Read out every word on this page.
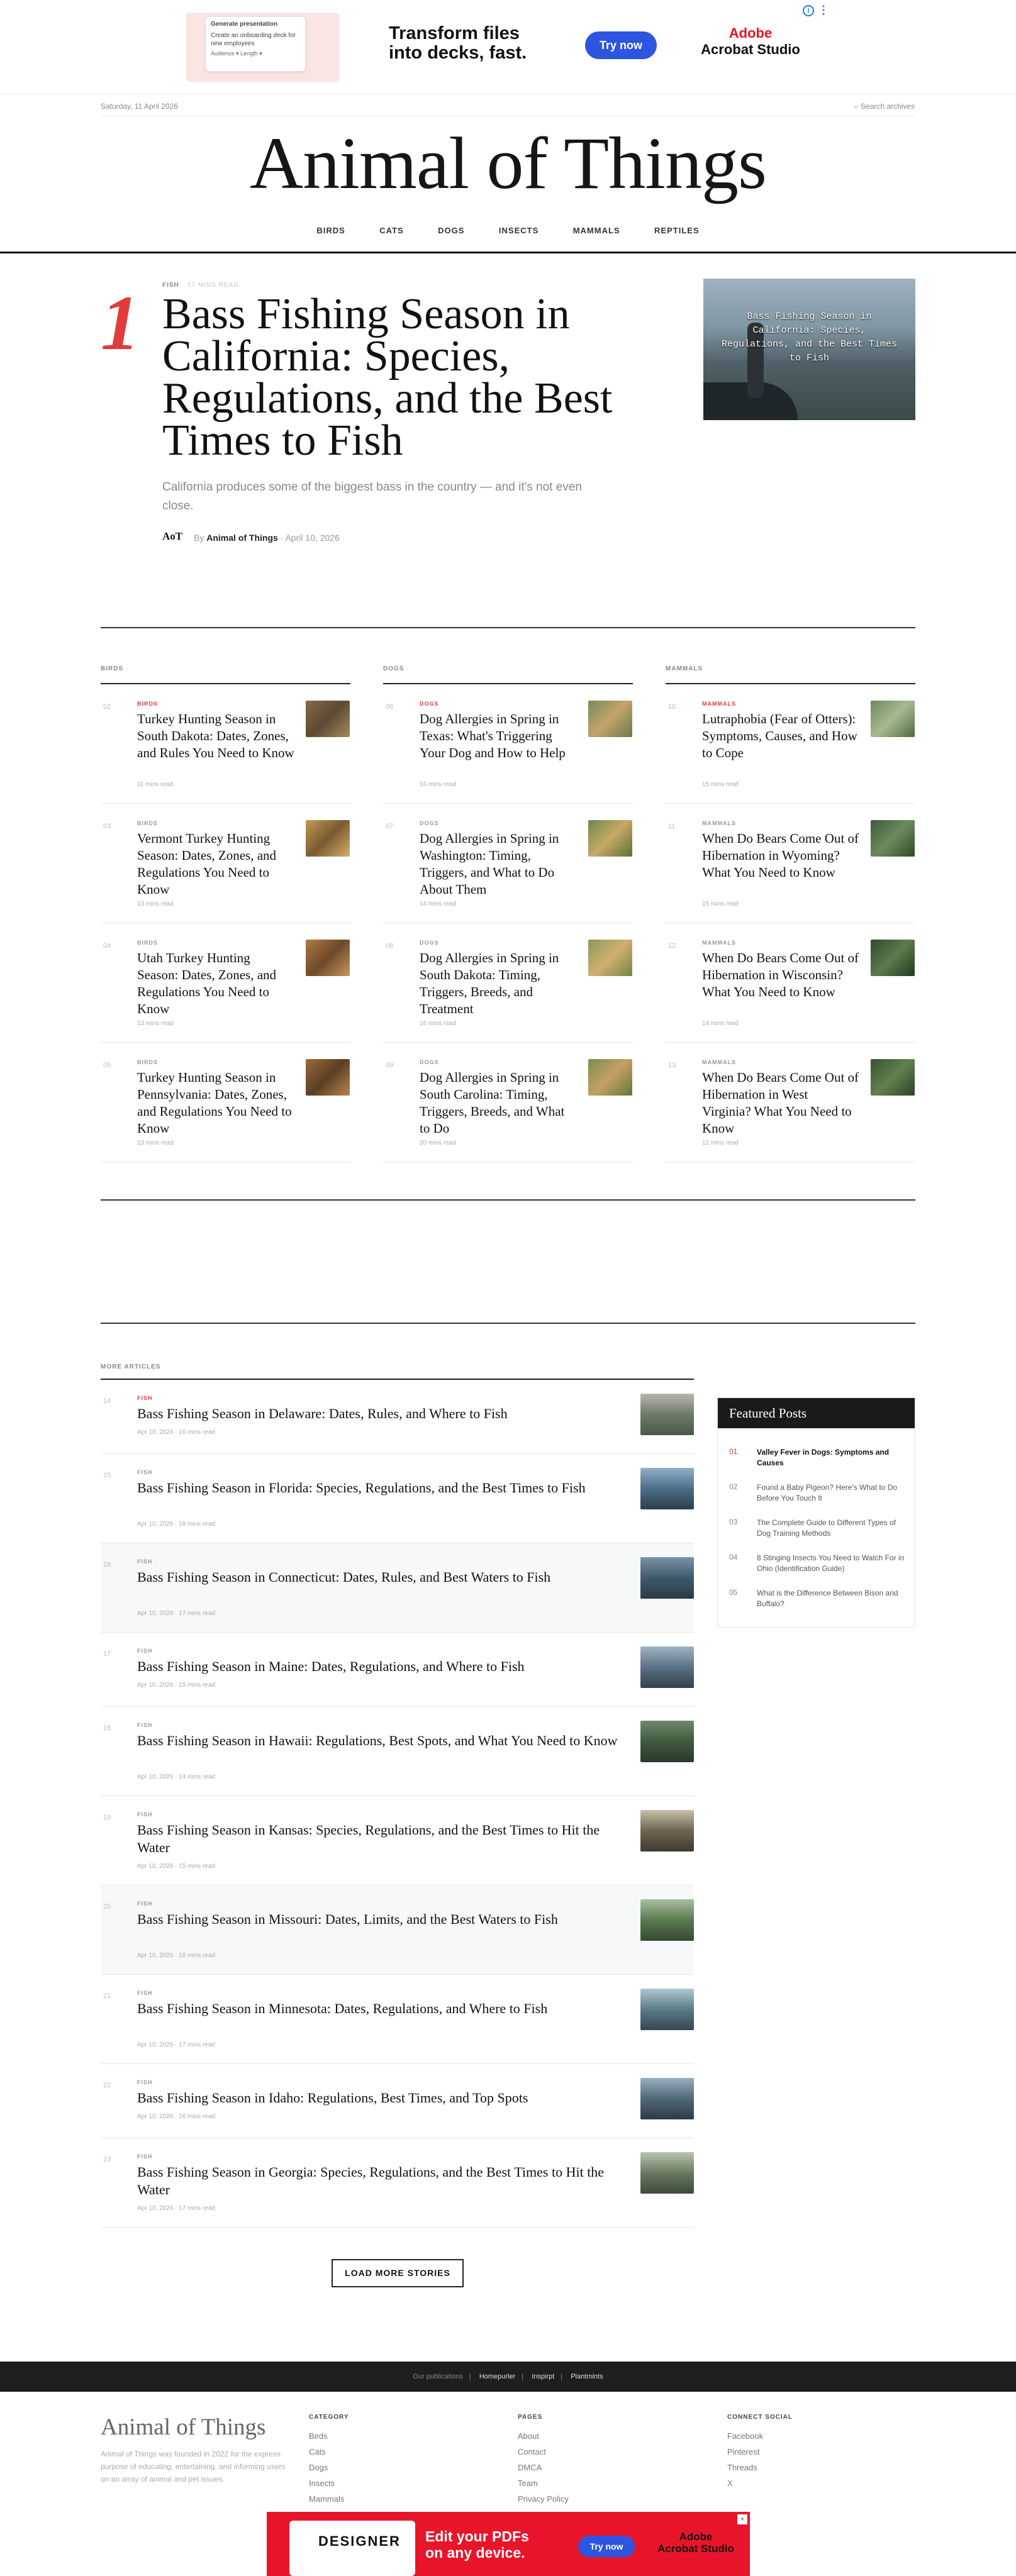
Generate presentation
Create an onboarding deck for new employees
Audience ▾ Length ▾
Transform files into decks, fast.	Try now
Adobe
Acrobat Studio
i ⋮
Saturday, 11 April 2026	⌕ Search archives
Animal of Things
BIRDS	CATS	DOGS	INSECTS	MAMMALS	REPTILES
1	FISH 17 MINS READ
Bass Fishing Season in California: Species, Regulations, and the Best Times to Fish
California produces some of the biggest bass in the country — and it's not even close.
AoT By Animal of Things · April 10, 2026
Bass Fishing Season in California: Species, Regulations, and the Best Times to Fish
BIRDS	DOGS	MAMMALS
02	BIRDS
Turkey Hunting Season in South Dakota: Dates, Zones, and Rules You Need to Know
11 mins read
03	BIRDS
Vermont Turkey Hunting Season: Dates, Zones, and Regulations You Need to Know
13 mins read
04	BIRDS
Utah Turkey Hunting Season: Dates, Zones, and Regulations You Need to Know
13 mins read
05	BIRDS
Turkey Hunting Season in Pennsylvania: Dates, Zones, and Regulations You Need to Know
13 mins read
06	DOGS
Dog Allergies in Spring in Texas: What's Triggering Your Dog and How to Help
16 mins read
07	DOGS
Dog Allergies in Spring in Washington: Timing, Triggers, and What to Do About Them
14 mins read
08	DOGS
Dog Allergies in Spring in South Dakota: Timing, Triggers, Breeds, and Treatment
16 mins read
09	DOGS
Dog Allergies in Spring in South Carolina: Timing, Triggers, Breeds, and What to Do
20 mins read
10	MAMMALS
Lutraphobia (Fear of Otters): Symptoms, Causes, and How to Cope
15 mins read
11	MAMMALS
When Do Bears Come Out of Hibernation in Wyoming? What You Need to Know
15 mins read
12	MAMMALS
When Do Bears Come Out of Hibernation in Wisconsin? What You Need to Know
14 mins read
13	MAMMALS
When Do Bears Come Out of Hibernation in West Virginia? What You Need to Know
12 mins read
MORE ARTICLES
14	FISH
Bass Fishing Season in Delaware: Dates, Rules, and Where to Fish
Apr 10, 2026 · 16 mins read
15	FISH
Bass Fishing Season in Florida: Species, Regulations, and the Best Times to Fish
Apr 10, 2026 · 18 mins read
16	FISH
Bass Fishing Season in Connecticut: Dates, Rules, and Best Waters to Fish
Apr 10, 2026 · 17 mins read
17	FISH
Bass Fishing Season in Maine: Dates, Regulations, and Where to Fish
Apr 10, 2026 · 15 mins read
18	FISH
Bass Fishing Season in Hawaii: Regulations, Best Spots, and What You Need to Know
Apr 10, 2026 · 14 mins read
19	FISH
Bass Fishing Season in Kansas: Species, Regulations, and the Best Times to Hit the Water
Apr 10, 2026 · 15 mins read
20	FISH
Bass Fishing Season in Missouri: Dates, Limits, and the Best Waters to Fish
Apr 10, 2026 · 16 mins read
21	FISH
Bass Fishing Season in Minnesota: Dates, Regulations, and Where to Fish
Apr 10, 2026 · 17 mins read
22	FISH
Bass Fishing Season in Idaho: Regulations, Best Times, and Top Spots
Apr 10, 2026 · 16 mins read
23	FISH
Bass Fishing Season in Georgia: Species, Regulations, and the Best Times to Hit the Water
Apr 10, 2026 · 17 mins read
LOAD MORE STORIES
Featured Posts
01	Valley Fever in Dogs: Symptoms and Causes
02	Found a Baby Pigeon? Here's What to Do Before You Touch It
03	The Complete Guide to Different Types of Dog Training Methods
04	8 Stinging Insects You Need to Watch For in Ohio (Identification Guide)
05	What is the Difference Between Bison and Buffalo?
Our publications | Homepurler | Inspirpt | Plantmints
Animal of Things
Animal of Things was founded in 2022 for the express purpose of educating, entertaining, and informing users on an array of animal and pet issues.
CATEGORY
Birds
Cats
Dogs
Insects
Mammals
PAGES
About
Contact
DMCA
Team
Privacy Policy
CONNECT SOCIAL
Facebook
Pinterest
Threads
X
DESIGNER	Edit your PDFs on any device.	Try now
Adobe
Acrobat Studio
×
